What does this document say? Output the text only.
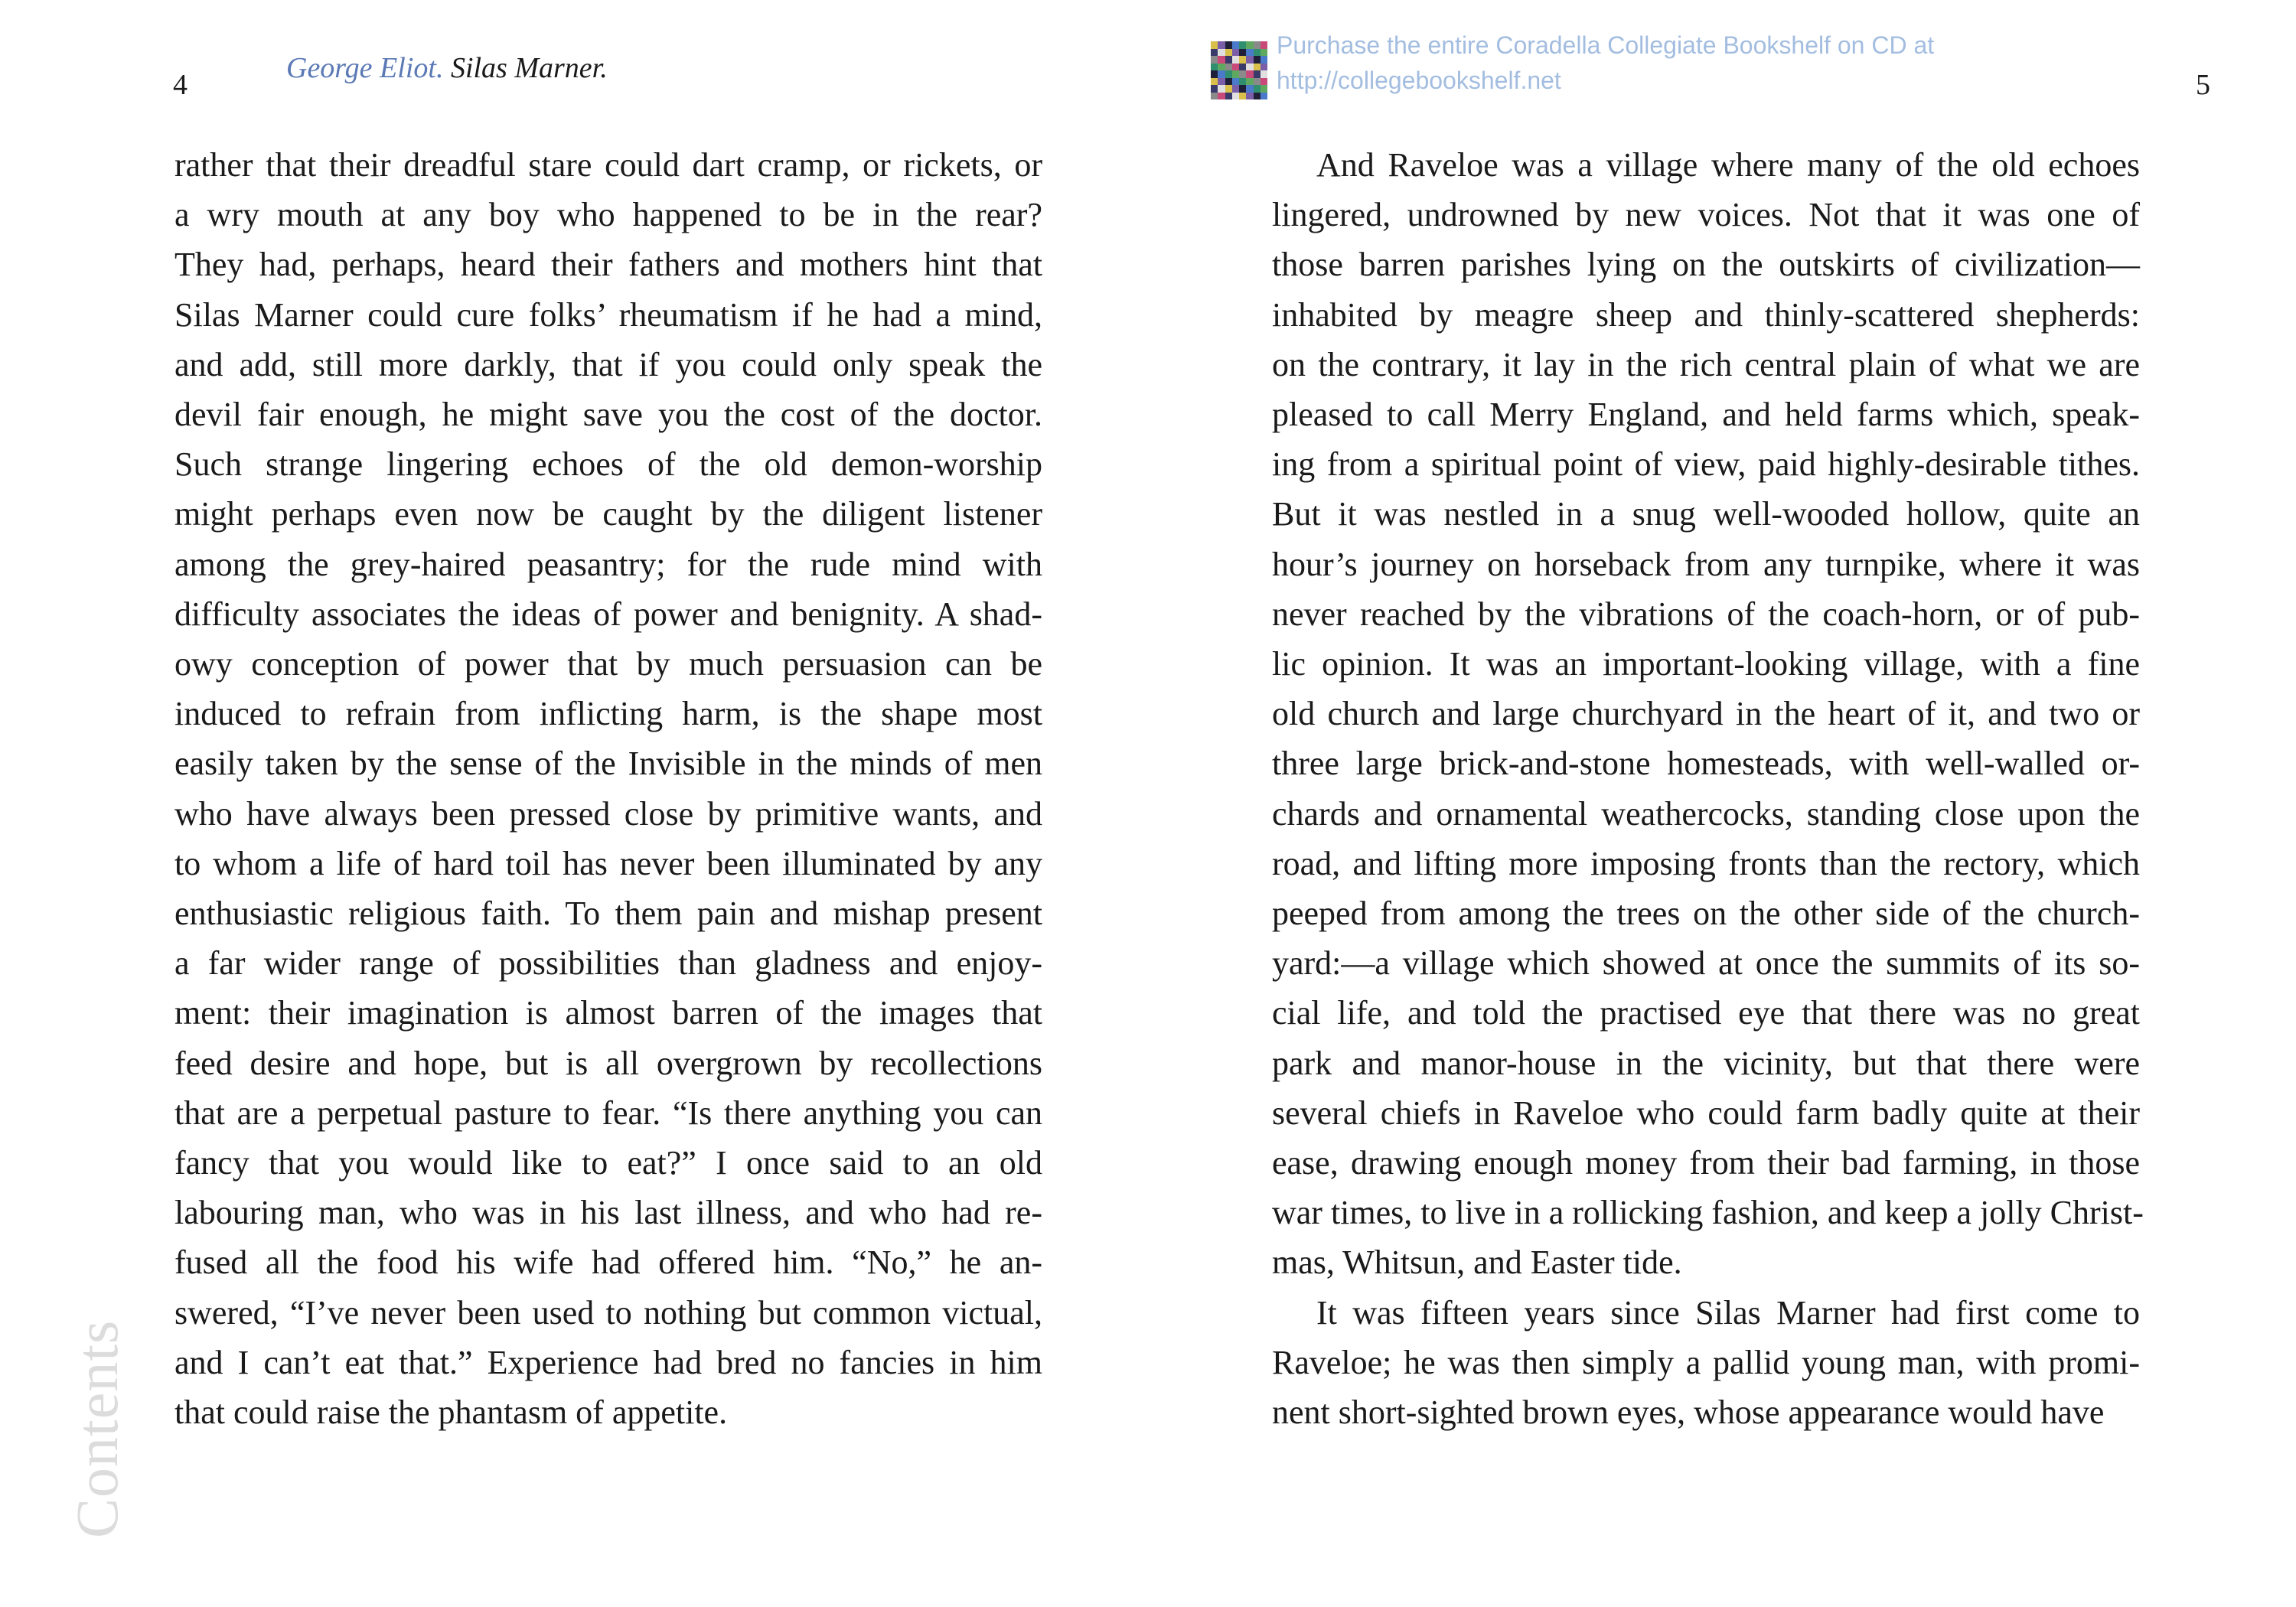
4
George Eliot. Silas Marner.

rather that their dreadful stare could dart cramp, or rickets, or
a wry mouth at any boy who happened to be in the rear?
They had, perhaps, heard their fathers and mothers hint that
Silas Marner could cure folks’ rheumatism if he had a mind,
and add, still more darkly, that if you could only speak the
devil fair enough, he might save you the cost of the doctor.
Such strange lingering echoes of the old demon-worship
might perhaps even now be caught by the diligent listener
among the grey-haired peasantry; for the rude mind with
difficulty associates the ideas of power and benignity. A shad-
owy conception of power that by much persuasion can be
induced to refrain from inflicting harm, is the shape most
easily taken by the sense of the Invisible in the minds of men
who have always been pressed close by primitive wants, and
to whom a life of hard toil has never been illuminated by any
enthusiastic religious faith. To them pain and mishap present
a far wider range of possibilities than gladness and enjoy-
ment: their imagination is almost barren of the images that
feed desire and hope, but is all overgrown by recollections
that are a perpetual pasture to fear. “Is there anything you can
fancy that you would like to eat?” I once said to an old
labouring man, who was in his last illness, and who had re-
fused all the food his wife had offered him. “No,” he an-
swered, “I’ve never been used to nothing but common victual,
and I can’t eat that.” Experience had bred no fancies in him
that could raise the phantasm of appetite.

Contents
Purchase the entire Coradella Collegiate Bookshelf on CD at
http://collegebookshelf.net	5

And Raveloe was a village where many of the old echoes
lingered, undrowned by new voices. Not that it was one of
those barren parishes lying on the outskirts of civilization—
inhabited by meagre sheep and thinly-scattered shepherds:
on the contrary, it lay in the rich central plain of what we are
pleased to call Merry England, and held farms which, speak-
ing from a spiritual point of view, paid highly-desirable tithes.
But it was nestled in a snug well-wooded hollow, quite an
hour’s journey on horseback from any turnpike, where it was
never reached by the vibrations of the coach-horn, or of pub-
lic opinion. It was an important-looking village, with a fine
old church and large churchyard in the heart of it, and two or
three large brick-and-stone homesteads, with well-walled or-
chards and ornamental weathercocks, standing close upon the
road, and lifting more imposing fronts than the rectory, which
peeped from among the trees on the other side of the church-
yard:—a village which showed at once the summits of its so-
cial life, and told the practised eye that there was no great
park and manor-house in the vicinity, but that there were
several chiefs in Raveloe who could farm badly quite at their
ease, drawing enough money from their bad farming, in those
war times, to live in a rollicking fashion, and keep a jolly Christ-
mas, Whitsun, and Easter tide.

It was fifteen years since Silas Marner had first come to
Raveloe; he was then simply a pallid young man, with promi-
nent short-sighted brown eyes, whose appearance would have
